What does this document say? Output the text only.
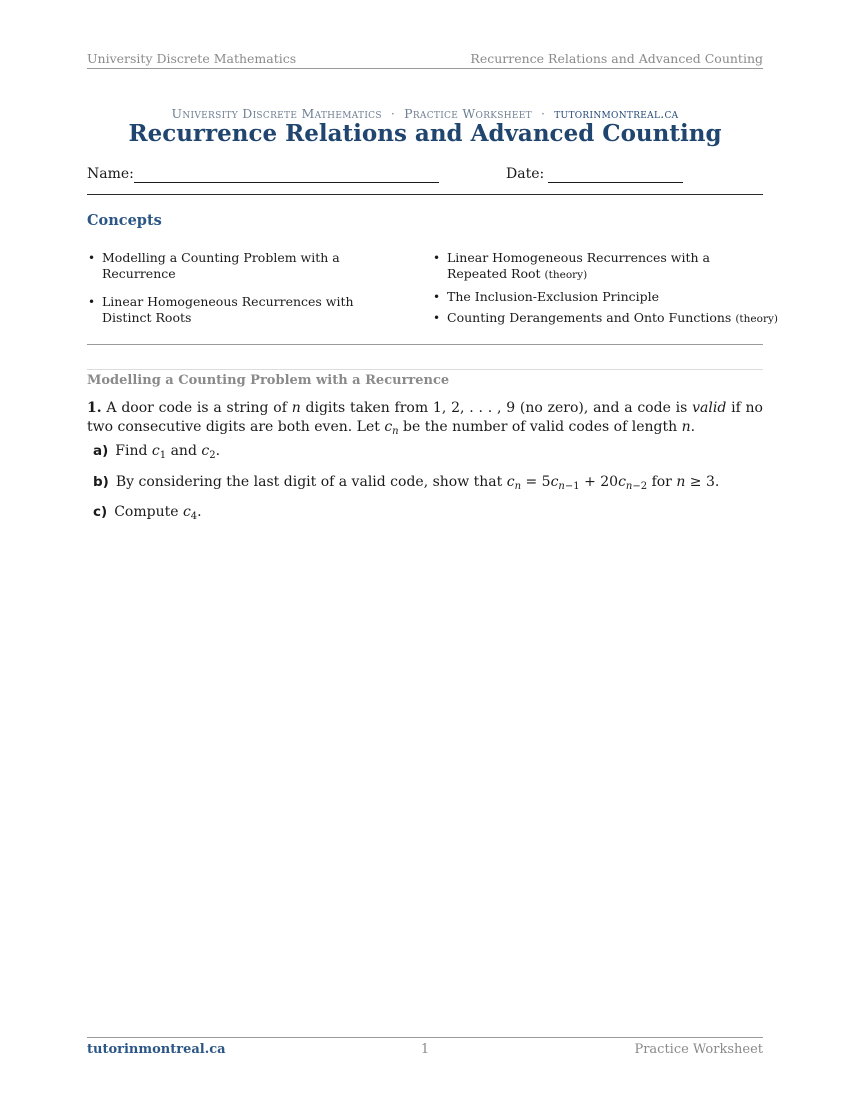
University Discrete Mathematics	Recurrence Relations and Advanced Counting
University Discrete Mathematics · Practice Worksheet · tutorinmontreal.ca
Recurrence Relations and Advanced Counting
Name:	Date:
Concepts
• Modelling a Counting Problem with a Recurrence
• Linear Homogeneous Recurrences with Distinct Roots
• Linear Homogeneous Recurrences with a Repeated Root (theory)
• The Inclusion-Exclusion Principle
• Counting Derangements and Onto Functions (theory)
Modelling a Counting Problem with a Recurrence
1. A door code is a string of n digits taken from 1, 2, . . . , 9 (no zero), and a code is valid if no two consecutive digits are both even. Let $c_n$ be the number of valid codes of length n.
a) Find $c_1$ and $c_2$.
b) By considering the last digit of a valid code, show that $c_n = 5c_{n-1} + 20c_{n-2}$ for n ≥ 3.
c) Compute $c_4$.
tutorinmontreal.ca	1	Practice Worksheet
